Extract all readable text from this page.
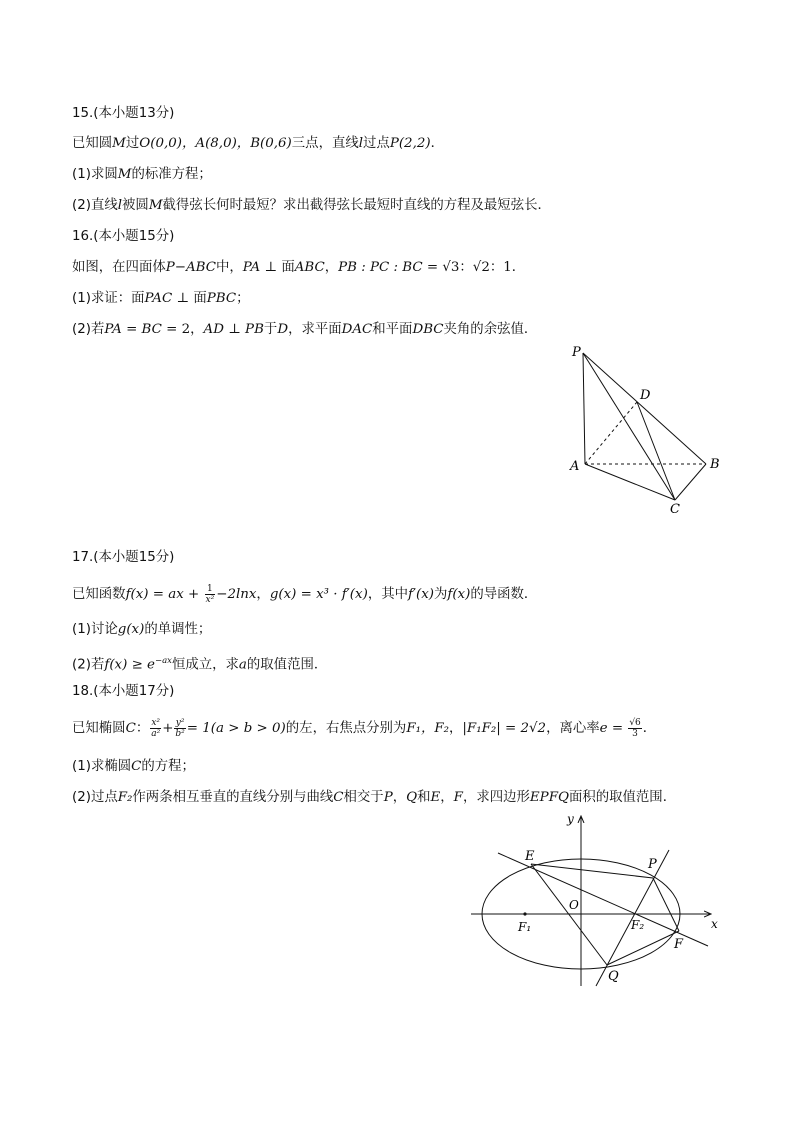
15.(本小题13分)
已知圆M过O(0,0)，A(8,0)，B(0,6)三点，直线l过点P(2,2)．
(1)求圆M的标准方程；
(2)直线l被圆M截得弦长何时最短？求出截得弦长最短时直线的方程及最短弦长．
16.(本小题15分)
如图，在四面体P−ABC中，PA ⊥ 面ABC，PB : PC : BC = √3：√2：1．
(1)求证：面PAC ⊥ 面PBC；
(2)若PA = BC = 2，AD ⊥ PB于D，求平面DAC和平面DBC夹角的余弦值．
P
D
A	B
C
17.(本小题15分)
已知函数f(x) = ax + $\frac{1}{\text{x²}} -2\ln x$，g(x) = x³ · f′(x)，其中f′(x)为f(x)的导函数．
(1)讨论g(x)的单调性；
(2)若$f(x) \ge e^{-ax}$恒成立，求a的取值范围．
18.(本小题17分)
已知椭圆C： $\frac{\text{x²}}{\text{a²}} + \frac{\text{y²}}{\text{b²}} = 1(a > b > 0)$的左，右焦点分别为F₁，F₂，|F₁F₂| = 2√2，离心率$e = \frac{√6}{3}$ ．
(1)求椭圆C的方程；
(2)过点F₂作两条相互垂直的直线分别与曲线C相交于P，Q和E，F，求四边形EPFQ面积的取值范围．
y
x
E
P
O
F₁	F₂
F
Q
